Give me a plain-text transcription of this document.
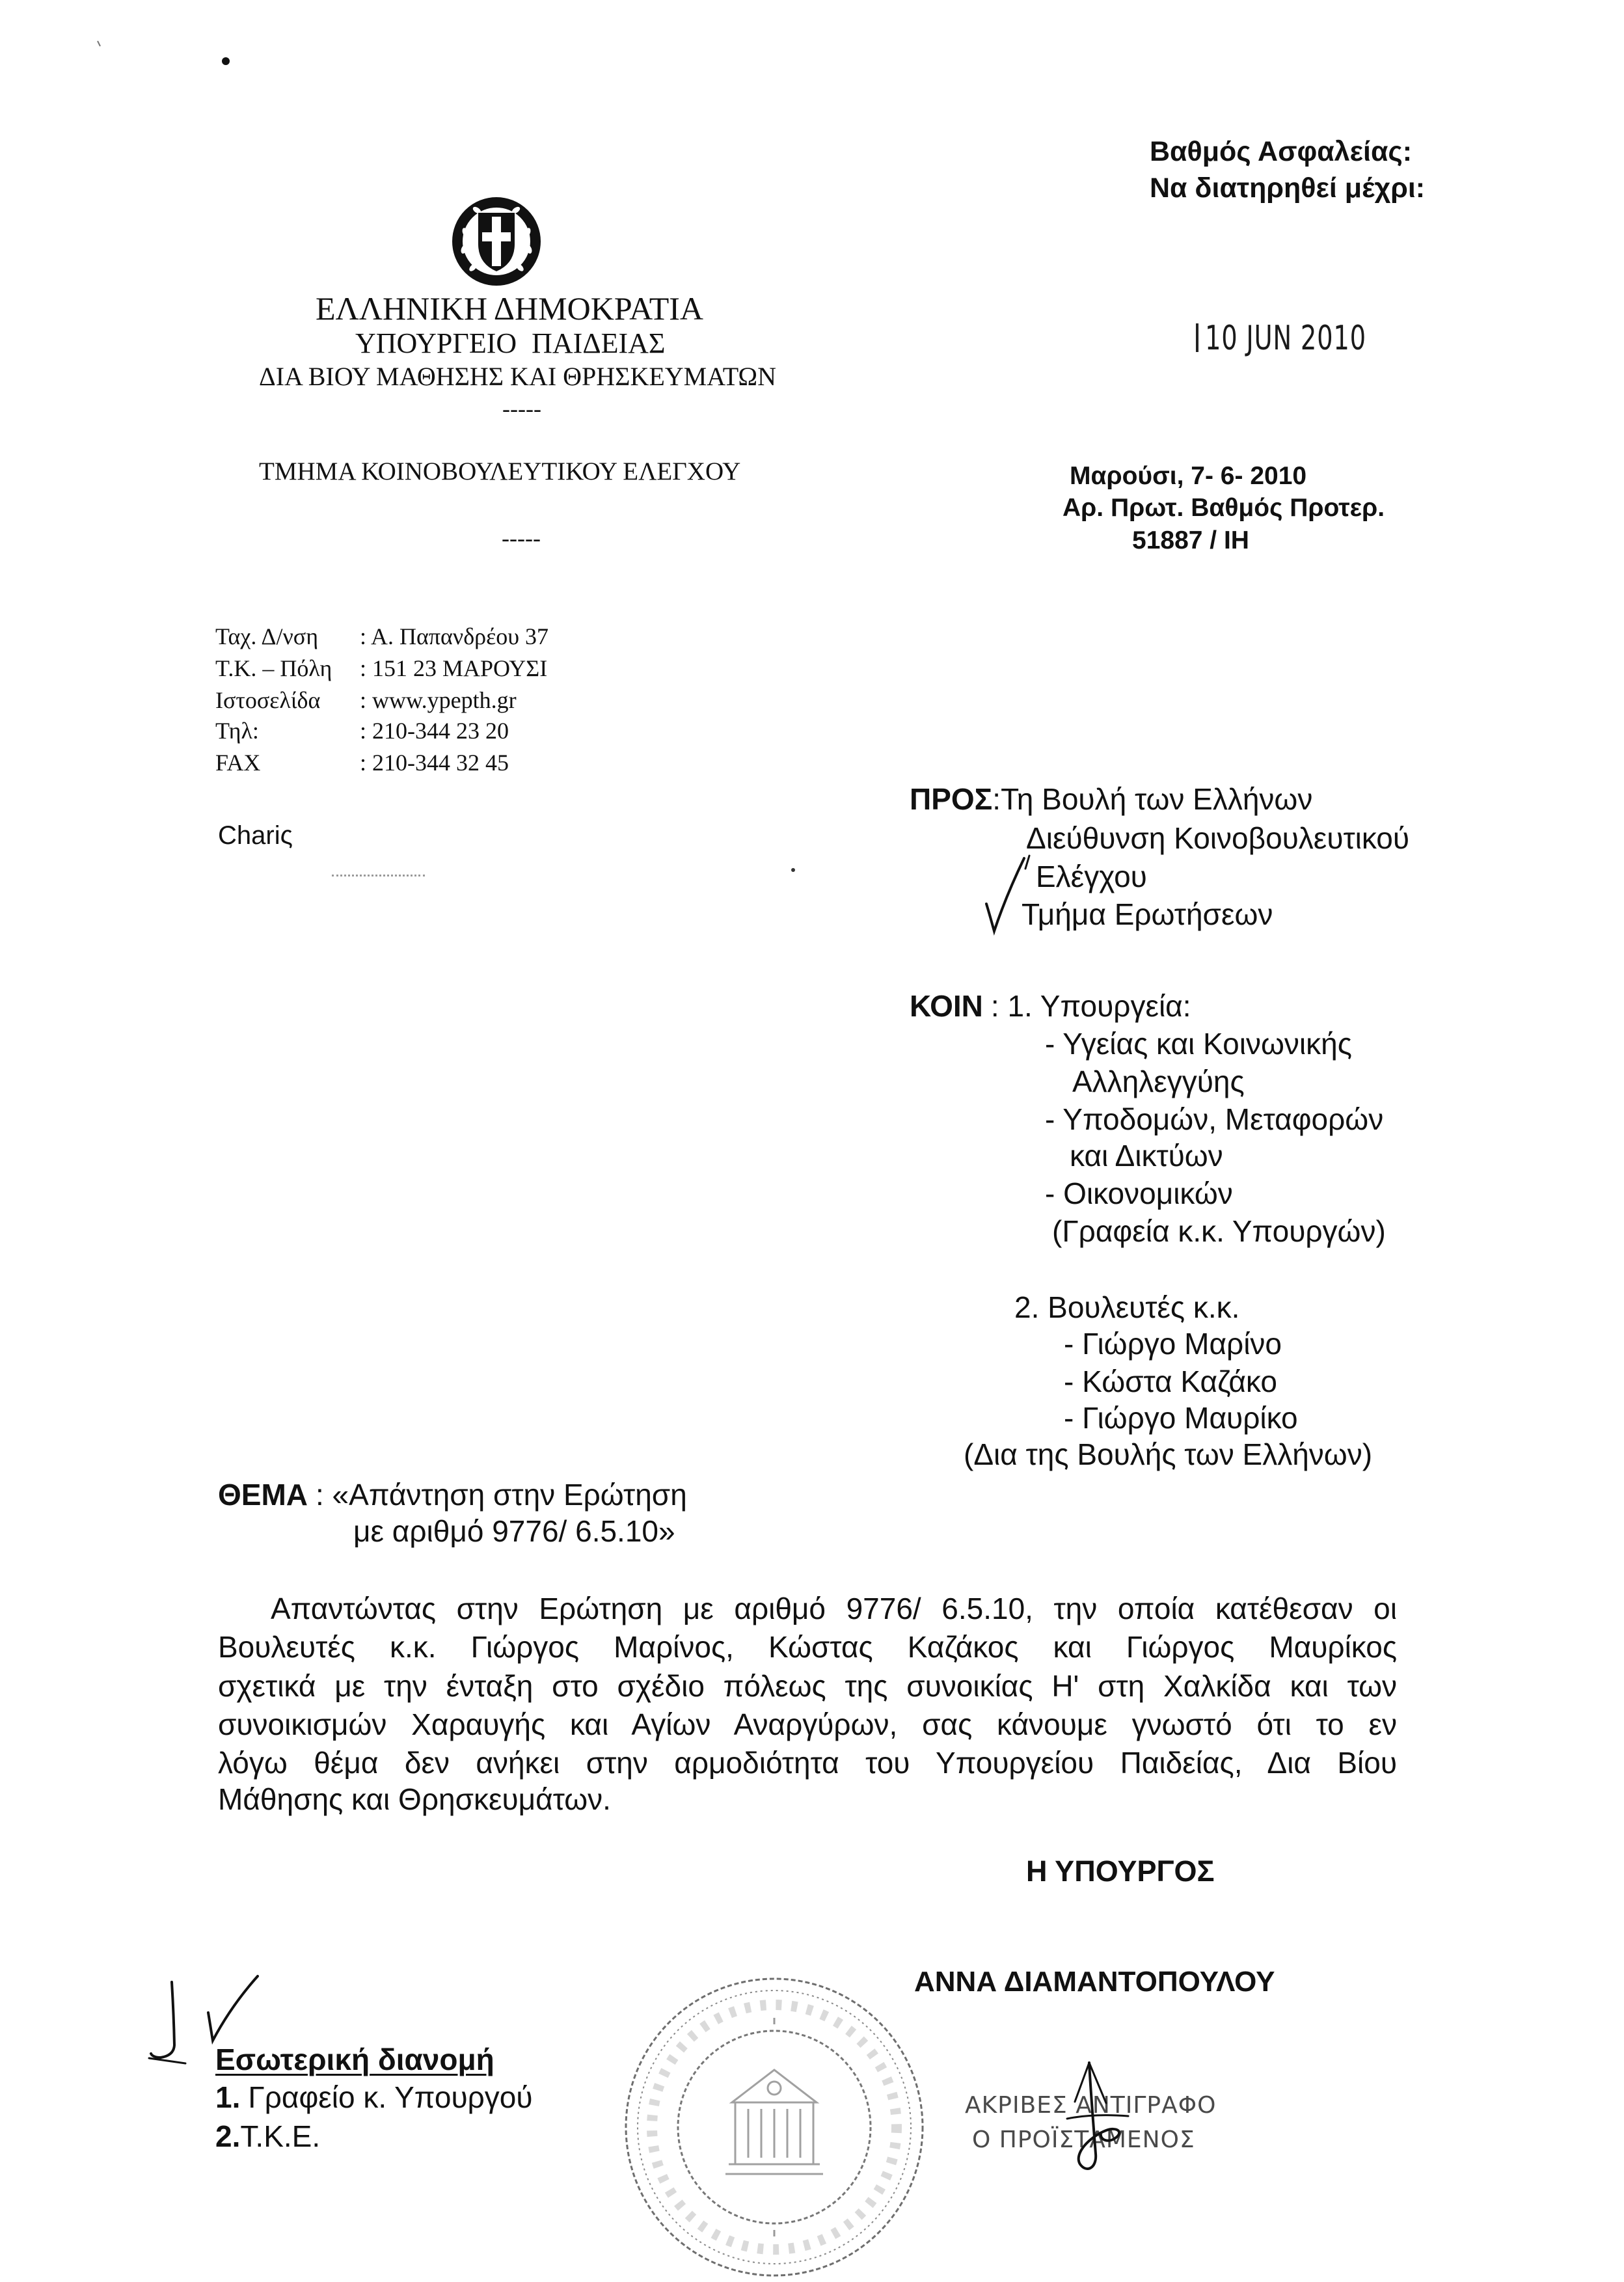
Βαθμός Ασφαλείας:
Να διατηρηθεί μέχρι:
ΕΛΛΗΝΙΚΗ ΔΗΜΟΚΡΑΤΙΑ
ΥΠΟΥΡΓΕΙΟ ΠΑΙΔΕΙΑΣ
ΔΙΑ ΒΙΟΥ ΜΑΘΗΣΗΣ ΚΑΙ ΘΡΗΣΚΕΥΜΑΤΩΝ
-----
ΤΜΗΜΑ ΚΟΙΝΟΒΟΥΛΕΥΤΙΚΟΥ ΕΛΕΓΧΟΥ
-----
10 JUN 2010
Μαρούσι, 7- 6- 2010
Αρ. Πρωτ. Βαθμός Προτερ.
51887 / ΙΗ
Ταχ. Δ/νση : Α. Παπανδρέου 37
Τ.Κ. – Πόλη : 151 23 ΜΑΡΟΥΣΙ
Ιστοσελίδα : www.ypepth.gr
Τηλ:	: 210-344 23 20
FAX	: 210-344 32 45
Chariς
ΠΡΟΣ:Τη Βουλή των Ελλήνων
Διεύθυνση Κοινοβουλευτικού
Ελέγχου
Τμήμα Ερωτήσεων
ΚΟΙΝ : 1. Υπουργεία:
- Υγείας και Κοινωνικής
Αλληλεγγύης
- Υποδομών, Μεταφορών
και Δικτύων
- Οικονομικών
(Γραφεία κ.κ. Υπουργών)
2. Βουλευτές κ.κ.
- Γιώργο Μαρίνο
- Κώστα Καζάκο
- Γιώργο Μαυρίκο
(Δια της Βουλής των Ελλήνων)
ΘΕΜΑ : «Απάντηση στην Ερώτηση
με αριθμό 9776/ 6.5.10»
Απαντώντας στην Ερώτηση με αριθμό 9776/ 6.5.10, την οποία κατέθεσαν οι
Βουλευτές κ.κ. Γιώργος Μαρίνος, Κώστας Καζάκος και Γιώργος Μαυρίκος
σχετικά με την ένταξη στο σχέδιο πόλεως της συνοικίας Η' στη Χαλκίδα και των
συνοικισμών Χαραυγής και Αγίων Αναργύρων, σας κάνουμε γνωστό ότι το εν
λόγω θέμα δεν ανήκει στην αρμοδιότητα του Υπουργείου Παιδείας, Δια Βίου
Μάθησης και Θρησκευμάτων.
Η ΥΠΟΥΡΓΟΣ
ΑΝΝΑ ΔΙΑΜΑΝΤΟΠΟΥΛΟΥ
Εσωτερική διανομή
1. Γραφείο κ. Υπουργού
2.Τ.Κ.Ε.
ΑΚΡΙΒΕΣ ΑΝΤΙΓΡΑΦΟ
Ο ΠΡΟΪΣΤΑΜΕΝΟΣ
